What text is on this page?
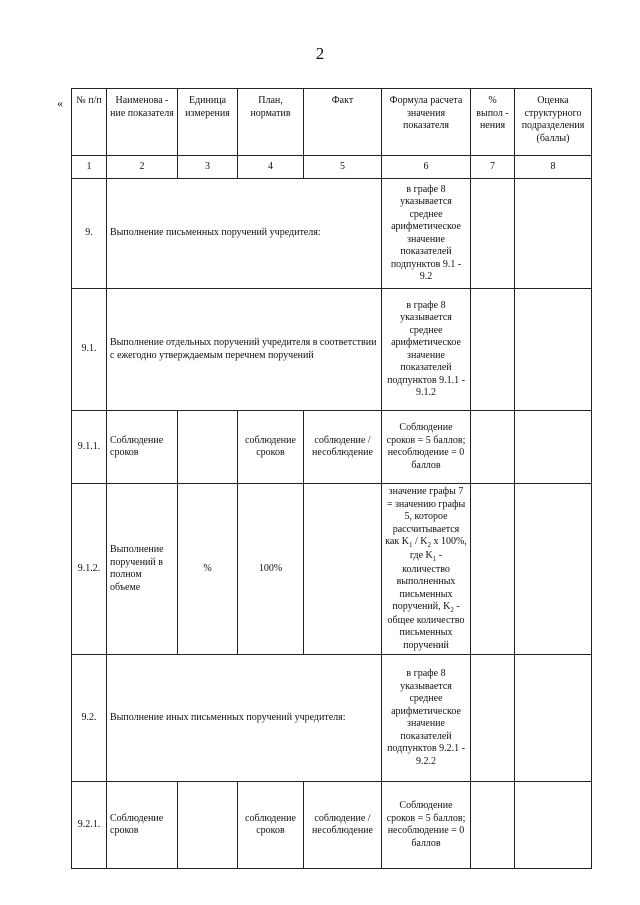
2
« № п/п	Наименова - ние показателя	Единица измерения	План, норматив	Факт	Формула расчета значения показателя	% выпол - нения	Оценка структурного подразделения (баллы)
1	2	3	4	5	6	7	8
9.	Выполнение письменных поручений учредителя:				в графе 8 указывается среднее арифметическое значение показателей подпунктов 9.1 - 9.2		
9.1.	Выполнение отдельных поручений учредителя в соответствии с ежегодно утверждаемым перечнем поручений				в графе 8 указывается среднее арифметическое значение показателей подпунктов 9.1.1 - 9.1.2		
9.1.1.	Соблюдение сроков		соблюдение сроков	соблюдение / несоблюдение	Соблюдение сроков = 5 баллов; несоблюдение = 0 баллов		
9.1.2.	Выполнение поручений в полном объеме	%	100%		значение графы 7 = значению графы 5, которое рассчитывается как $K_1 / K_2$ x 100%, где $K_1$ - количество выполненных письменных поручений, $K_2$ - общее количество письменных поручений		
9.2.	Выполнение иных письменных поручений учредителя:				в графе 8 указывается среднее арифметическое значение показателей подпунктов 9.2.1 - 9.2.2		
9.2.1.	Соблюдение сроков		соблюдение сроков	соблюдение / несоблюдение	Соблюдение сроков = 5 баллов; несоблюдение = 0 баллов		
